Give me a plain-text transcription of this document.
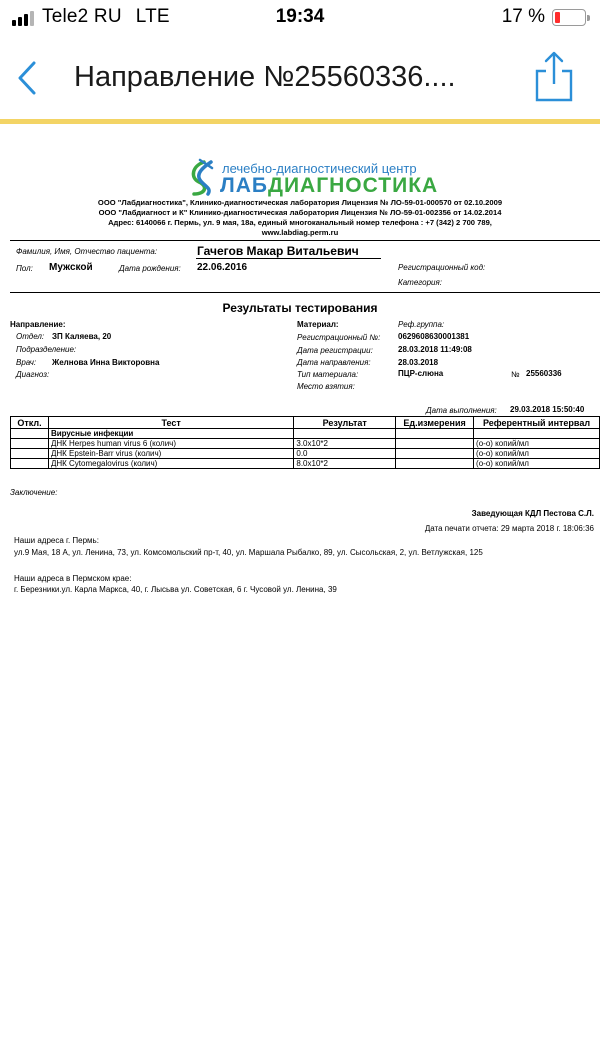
Tele2 RU LTE	19:34	17 %
Направление №25560336....
лечебно-диагностический центр
ЛАБДИАГНОСТИКА
ООО "Лабдиагностика", Клинико-диагностическая лаборатория Лицензия № ЛО-59-01-000570 от 02.10.2009
ООО "Лабдиагност и К" Клинико-диагностическая лаборатория Лицензия № ЛО-59-01-002356 от 14.02.2014
Адрес: 6140066 г. Пермь, ул. 9 мая, 18а, единый многоканальный номер телефона : +7 (342) 2 700 789,
www.labdiag.perm.ru
Фамилия, Имя, Отчество пациента:	Гачегов Макар Витальевич
Пол: Мужской	Дата рождения: 22.06.2016	Регистрационный код:
Категория:
Результаты тестирования
Направление:
Отдел: ЗП Каляева, 20
Подразделение:
Врач: Желнова Инна Викторовна
Диагноз:
Материал:	Реф.группа:
Регистрационный №: 0629608630001381
Дата регистрации:	28.03.2018 11:49:08
Дата направления:	28.03.2018
Тип материала:	ПЦР-слюна	№ 25560336
Место взятия:
Дата выполнения: 29.03.2018 15:50:40
Откл.	Тест	Результат	Ед.измерения	Референтный интервал
	Вирусные инфекции			
	ДНК Herpes human virus 6 (колич)	3.0x10*2		(о-о) копий/мл
	ДНК Epstein-Barr virus (колич)	0.0		(о-о) копий/мл
	ДНК Cytomegalovirus (колич)	8.0x10*2		(о-о) копий/мл
Заключение:
Заведующая КДЛ Пестова С.Л.
Дата печати отчета: 29 марта 2018 г. 18:06:36
Наши адреса г. Пермь:
ул.9 Мая, 18 А, ул. Ленина, 73, ул. Комсомольский пр-т, 40, ул. Маршала Рыбалко, 89, ул. Сысольская, 2, ул. Ветлужская, 125
Наши адреса в Пермском крае:
г. Березники.ул. Карла Маркса, 40, г. Лысьва ул. Советская, 6 г. Чусовой ул. Ленина, 39
